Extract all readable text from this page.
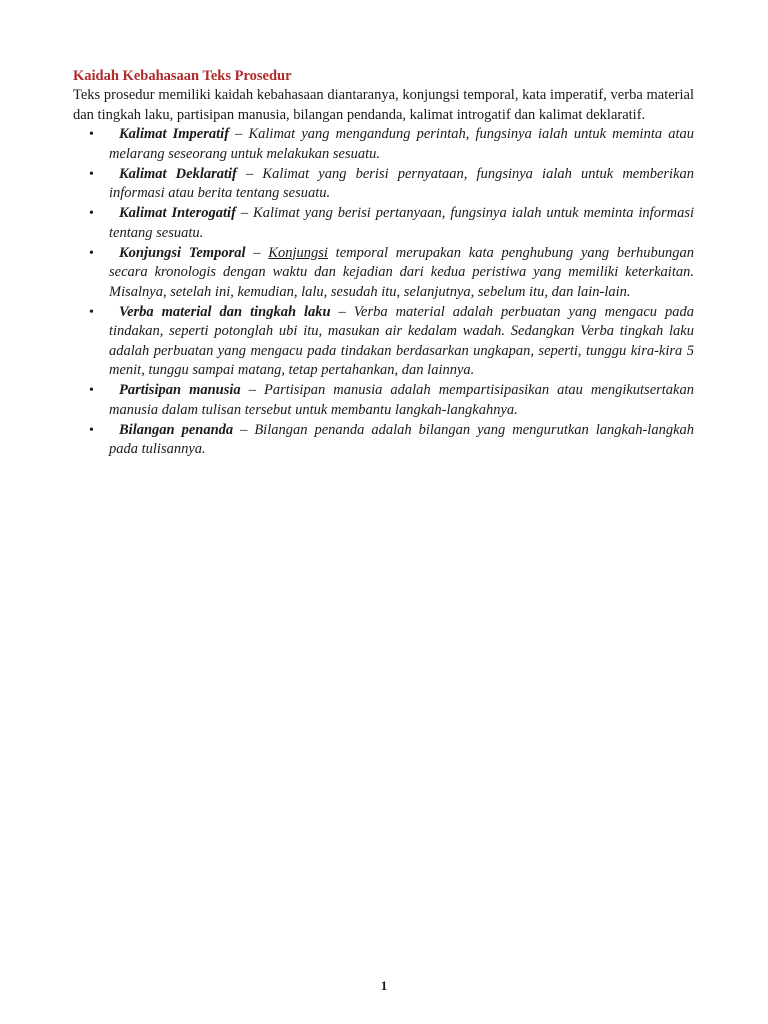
Kaidah Kebahasaan Teks Prosedur

Teks prosedur memiliki kaidah kebahasaan diantaranya, konjungsi temporal, kata imperatif, verba material dan tingkah laku, partisipan manusia, bilangan pendanda, kalimat introgatif dan kalimat deklaratif.

• Kalimat Imperatif – Kalimat yang mengandung perintah, fungsinya ialah untuk meminta atau melarang seseorang untuk melakukan sesuatu.
• Kalimat Deklaratif – Kalimat yang berisi pernyataan, fungsinya ialah untuk memberikan informasi atau berita tentang sesuatu.
• Kalimat Interogatif – Kalimat yang berisi pertanyaan, fungsinya ialah untuk meminta informasi tentang sesuatu.
• Konjungsi Temporal – Konjungsi temporal merupakan kata penghubung yang berhubungan secara kronologis dengan waktu dan kejadian dari kedua peristiwa yang memiliki keterkaitan. Misalnya, setelah ini, kemudian, lalu, sesudah itu, selanjutnya, sebelum itu, dan lain-lain.
• Verba material dan tingkah laku – Verba material adalah perbuatan yang mengacu pada tindakan, seperti potonglah ubi itu, masukan air kedalam wadah. Sedangkan Verba tingkah laku adalah perbuatan yang mengacu pada tindakan berdasarkan ungkapan, seperti, tunggu kira-kira 5 menit, tunggu sampai matang, tetap pertahankan, dan lainnya.
• Partisipan manusia – Partisipan manusia adalah mempartisipasikan atau mengikutsertakan manusia dalam tulisan tersebut untuk membantu langkah-langkahnya.
• Bilangan penanda – Bilangan penanda adalah bilangan yang mengurutkan langkah-langkah pada tulisannya.
1
